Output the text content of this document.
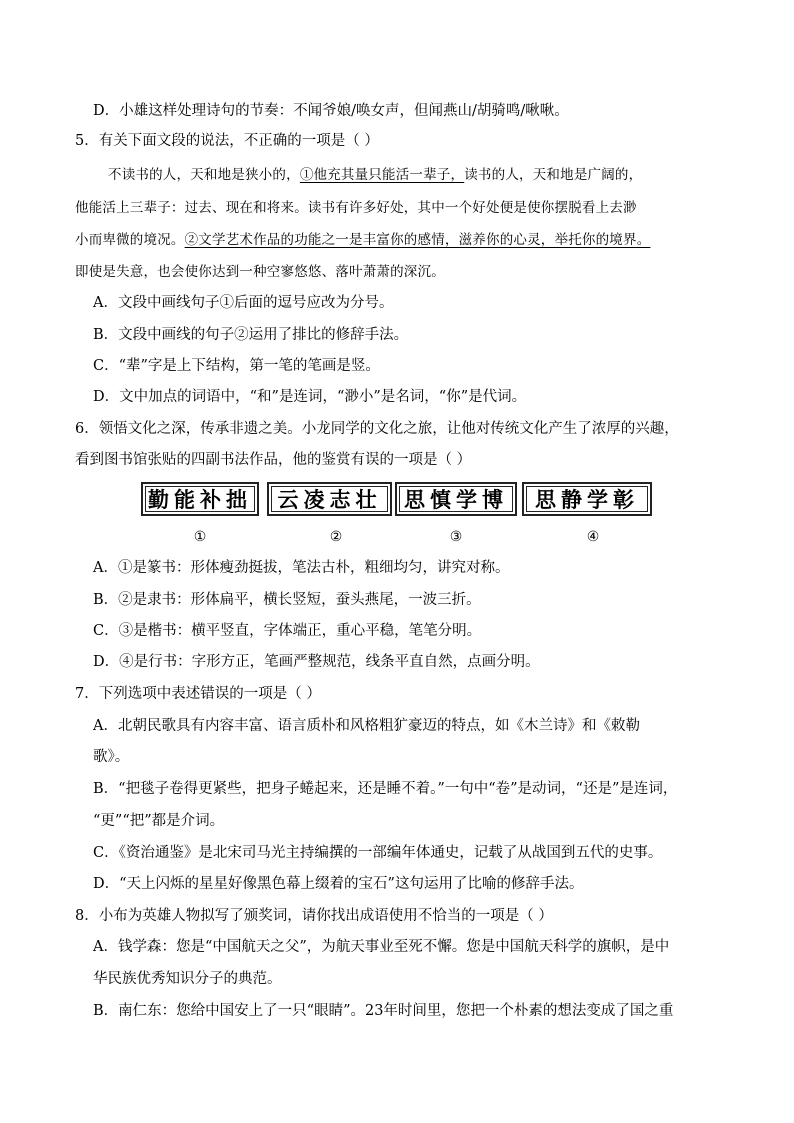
D．小雄这样处理诗句的节奏：不闻爷娘/唤女声，但闻燕山/胡骑鸣/啾啾。
5．有关下面文段的说法，不正确的一项是（ ）
不读书的人，天和地是狭小的，①他充其量只能活一辈子，读书的人，天和地是广阔的，
他能活上三辈子：过去、现在和将来。读书有许多好处，其中一个好处便是使你摆脱看上去渺
小而卑微的境况。②文学艺术作品的功能之一是丰富你的感情，滋养你的心灵，举托你的境界。
即使是失意，也会使你达到一种空寥悠悠、落叶萧萧的深沉。
A．文段中画线句子①后面的逗号应改为分号。
B．文段中画线的句子②运用了排比的修辞手法。
C．“辈”字是上下结构，第一笔的笔画是竖。
D．文中加点的词语中，“和”是连词，“渺小”是名词，“你”是代词。
6．领悟文化之深，传承非遗之美。小龙同学的文化之旅，让他对传统文化产生了浓厚的兴趣，
看到图书馆张贴的四副书法作品，他的鉴赏有误的一项是（ ）
勤能补拙 云凌志壮 思慎学博 思静学彰
①	②	③	④
A．①是篆书：形体瘦劲挺拔，笔法古朴，粗细均匀，讲究对称。
B．②是隶书：形体扁平，横长竖短，蚕头燕尾，一波三折。
C．③是楷书：横平竖直，字体端正，重心平稳，笔笔分明。
D．④是行书：字形方正，笔画严整规范，线条平直自然，点画分明。
7．下列选项中表述错误的一项是（ ）
A．北朝民歌具有内容丰富、语言质朴和风格粗犷豪迈的特点，如《木兰诗》和《敕勒
歌》。
B．“把毯子卷得更紧些，把身子蜷起来，还是睡不着。”一句中“卷”是动词，“还是”是连词，
“更”“把”都是介词。
C．《资治通鉴》是北宋司马光主持编撰的一部编年体通史，记载了从战国到五代的史事。
D．“天上闪烁的星星好像黑色幕上缀着的宝石”这句运用了比喻的修辞手法。
8．小布为英雄人物拟写了颁奖词，请你找出成语使用不恰当的一项是（ ）
A．钱学森：您是“中国航天之父”，为航天事业至死不懈。您是中国航天科学的旗帜，是中
华民族优秀知识分子的典范。
B．南仁东：您给中国安上了一只“眼睛”。23年时间里，您把一个朴素的想法变成了国之重
